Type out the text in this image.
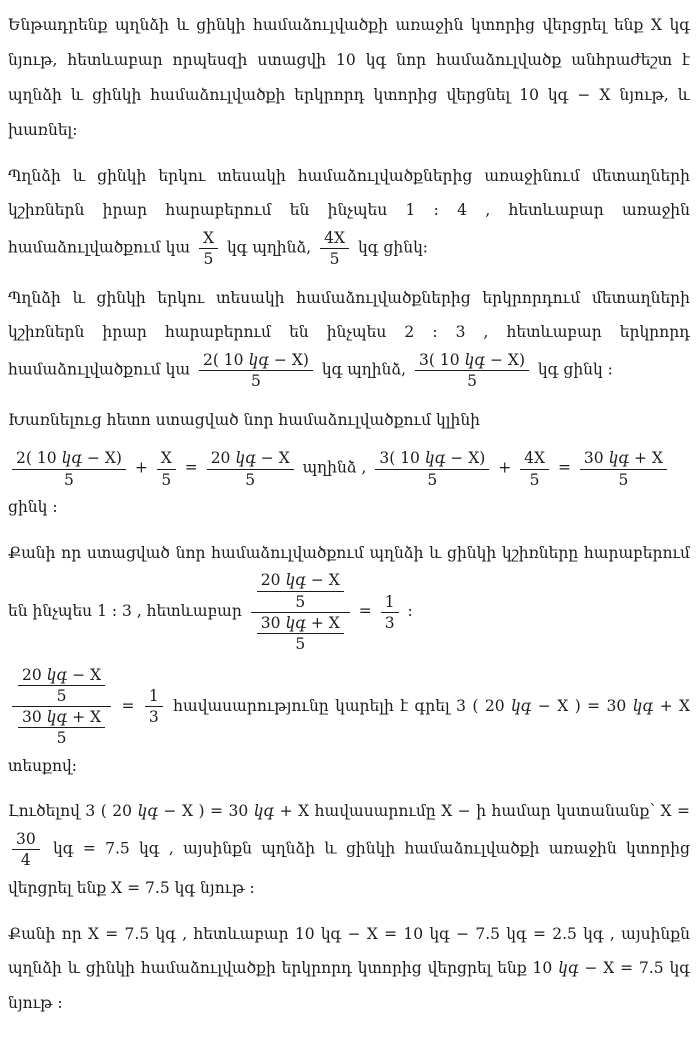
Ենթադրենք պղնձի և ցինկի համաձուլվածքի առաջին կտորից վերցրել ենք X կգ նյութ, հետևաբար որպեսզի ստացվի 10 կգ նոր համաձուլվածք անհրաժեշտ է պղնձի և ցինկի համաձուլվածքի երկրորդ կտորից վերցնել 10 կգ − X նյութ, և խառնել։

Պղնձի և ցինկի երկու տեսակի համաձուլվածքներից առաջինում մետաղների կշիռներն իրար հարաբերում են ինչպես 1 : 4 , հետևաբար առաջին համաձուլվածքում կա $\frac{X}{5}$ կգ պղինձ, $\frac{4X}{5}$ կգ ցինկ։

Պղնձի և ցինկի երկու տեսակի համաձուլվածքներից երկրորդում մետաղների կշիռներն իրար հարաբերում են ինչպես 2 : 3 , հետևաբար երկրորդ համաձուլվածքում կա $\frac{\text{2( 10 կգ − X)}}{5}$ կգ պղինձ, $\frac{\text{3( 10 կգ − X)}}{5}$ կգ ցինկ ։

Խառնելուց հետո ստացված նոր համաձուլվածքում կլինի

$\frac{\text{2( 10 կգ − X)}}{5} + \frac{X}{5} = \frac{\text{20 կգ − X}}{5}$ պղինձ , $\frac{\text{3( 10 կգ − X)}}{5} + \frac{4X}{5} = \frac{\text{30 կգ + X}}{5}$
ցինկ ։

Քանի որ ստացված նոր համաձուլվածքում պղնձի և ցինկի կշիռները հարաբերում են ինչպես 1 : 3 , հետևաբար $\frac{\frac{\text{20 կգ − X}}{5}}{\frac{\text{30 կգ + X}}{5}} = \frac{1}{3}$ ։

$\frac{\frac{\text{20 կգ − X}}{5}}{\frac{\text{30 կգ + X}}{5}} = \frac{1}{3}$ հավասարությունը կարելի է գրել 3 ( 20 կգ − X ) = 30 կգ + X տեսքով։

Լուծելով 3 ( 20 կգ − X ) = 30 կգ + X հավասարումը X − ի համար կստանանք՝ X =
$\frac{30}{4}$ կգ = 7.5 կգ , այսինքն պղնձի և ցինկի համաձուլվածքի առաջին կտորից վերցրել ենք X = 7.5 կգ նյութ ։

Քանի որ X = 7.5 կգ , հետևաբար 10 կգ − X = 10 կգ − 7.5 կգ = 2.5 կգ , այսինքն պղնձի և ցինկի համաձուլվածքի երկրորդ կտորից վերցրել ենք 10 կգ − X = 7.5 կգ նյութ ։
